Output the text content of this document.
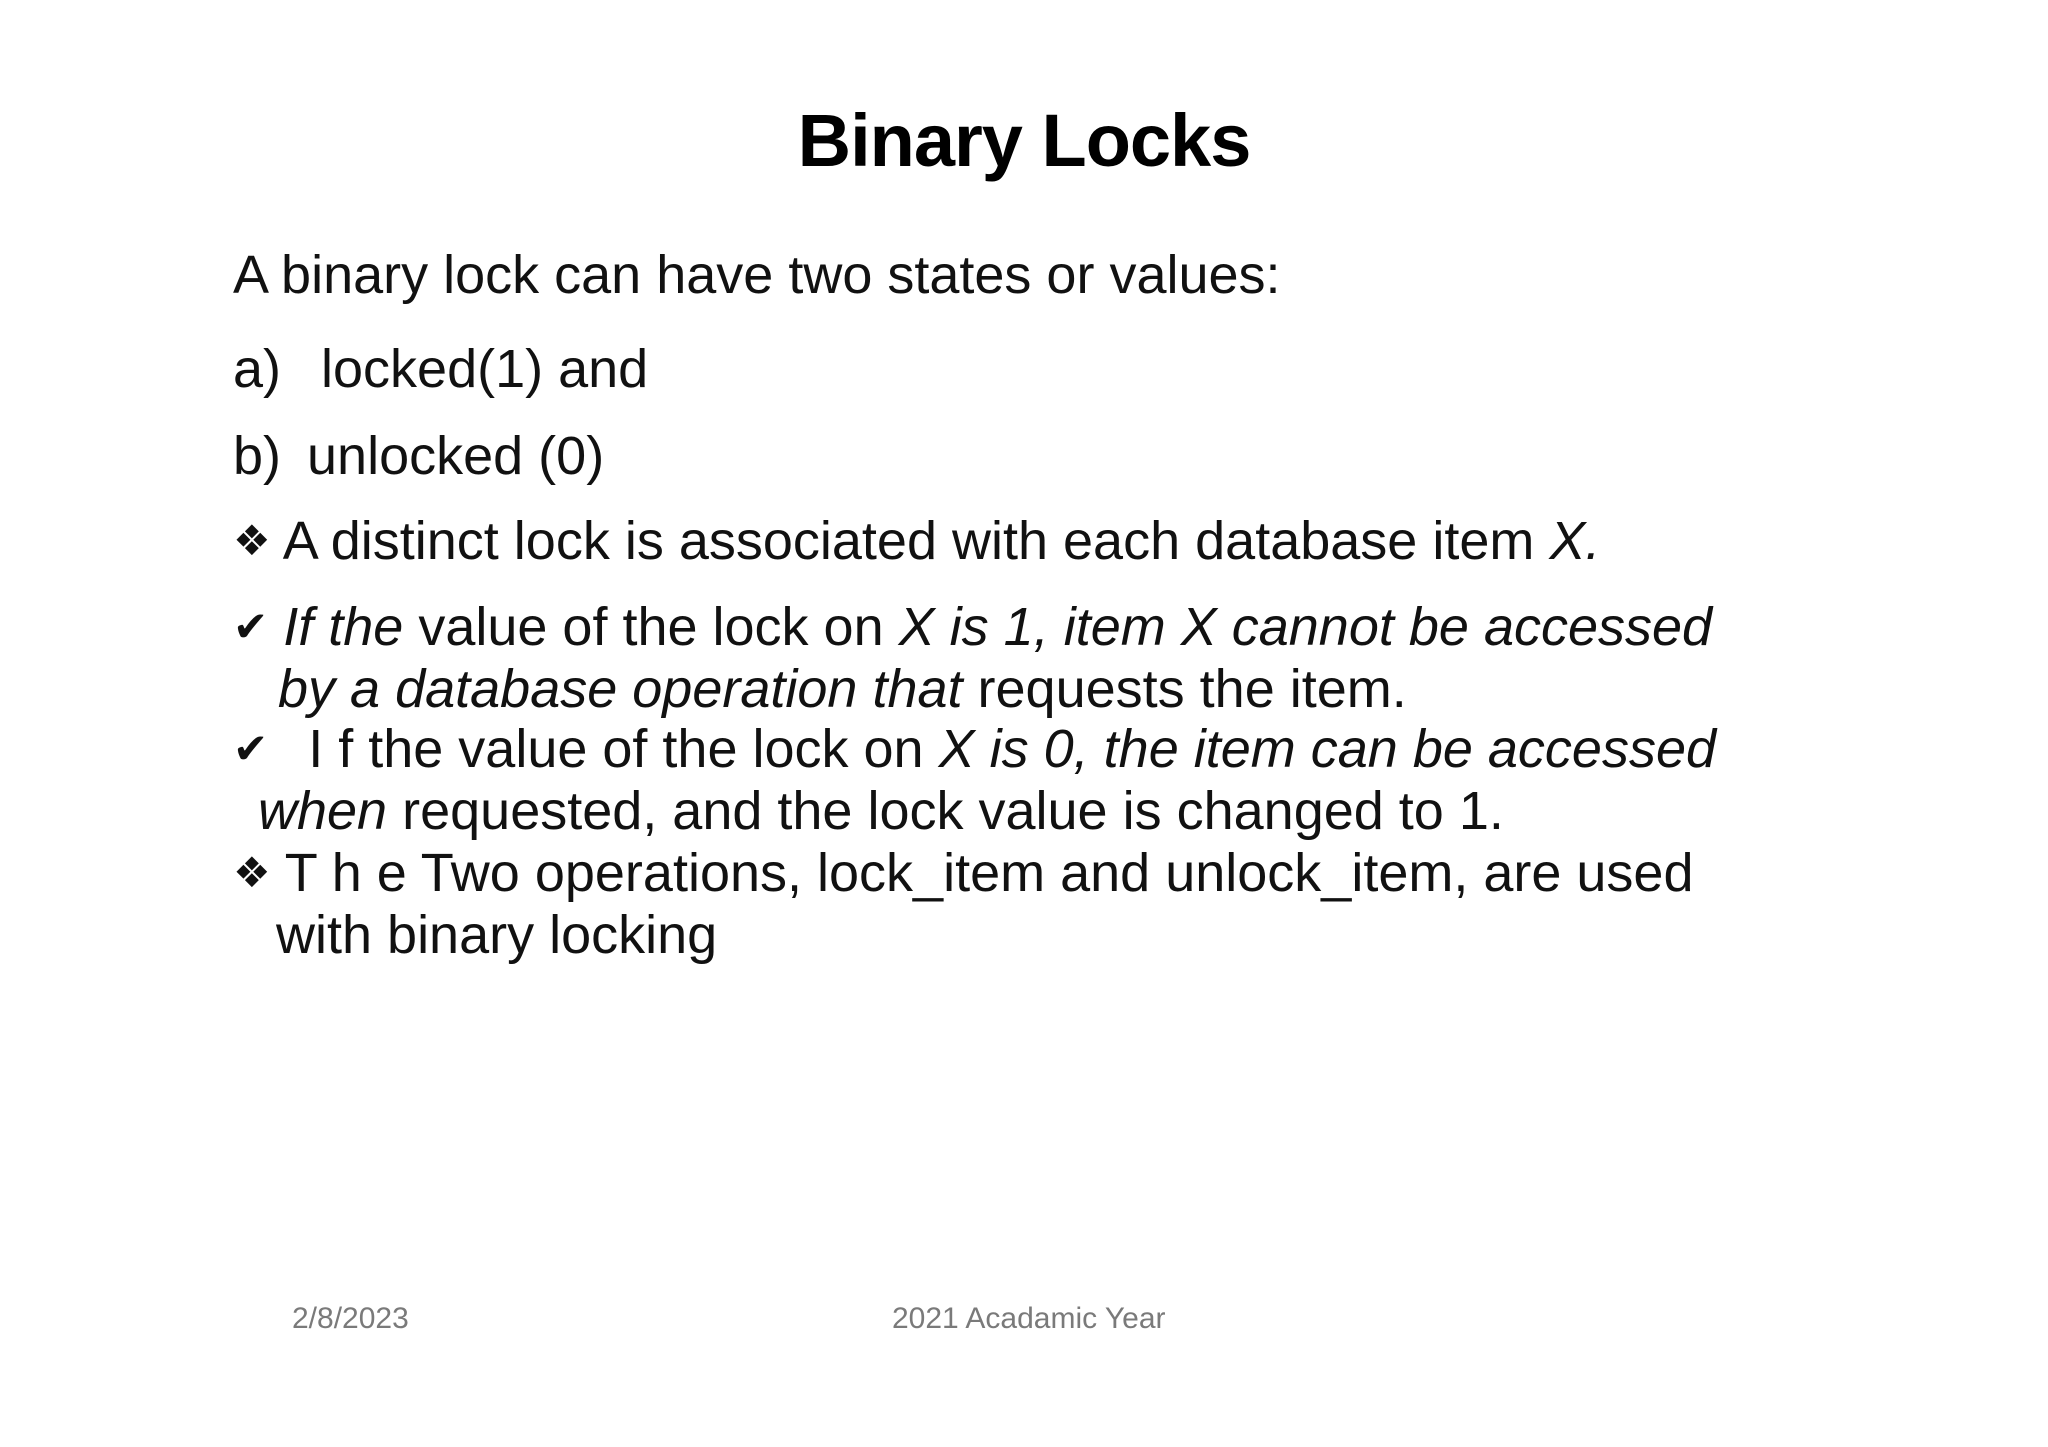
Binary Locks
A binary lock can have two states or values:
a) locked(1) and
b) unlocked (0)
❖ A distinct lock is associated with each database item X.
✔ If the value of the lock on X is 1, item X cannot be accessed
by a database operation that requests the item.
✔ I f the value of the lock on X is 0, the item can be accessed
when requested, and the lock value is changed to 1.
❖ T h e Two operations, lock_item and unlock_item, are used
with binary locking
2/8/2023	2021 Acadamic Year
